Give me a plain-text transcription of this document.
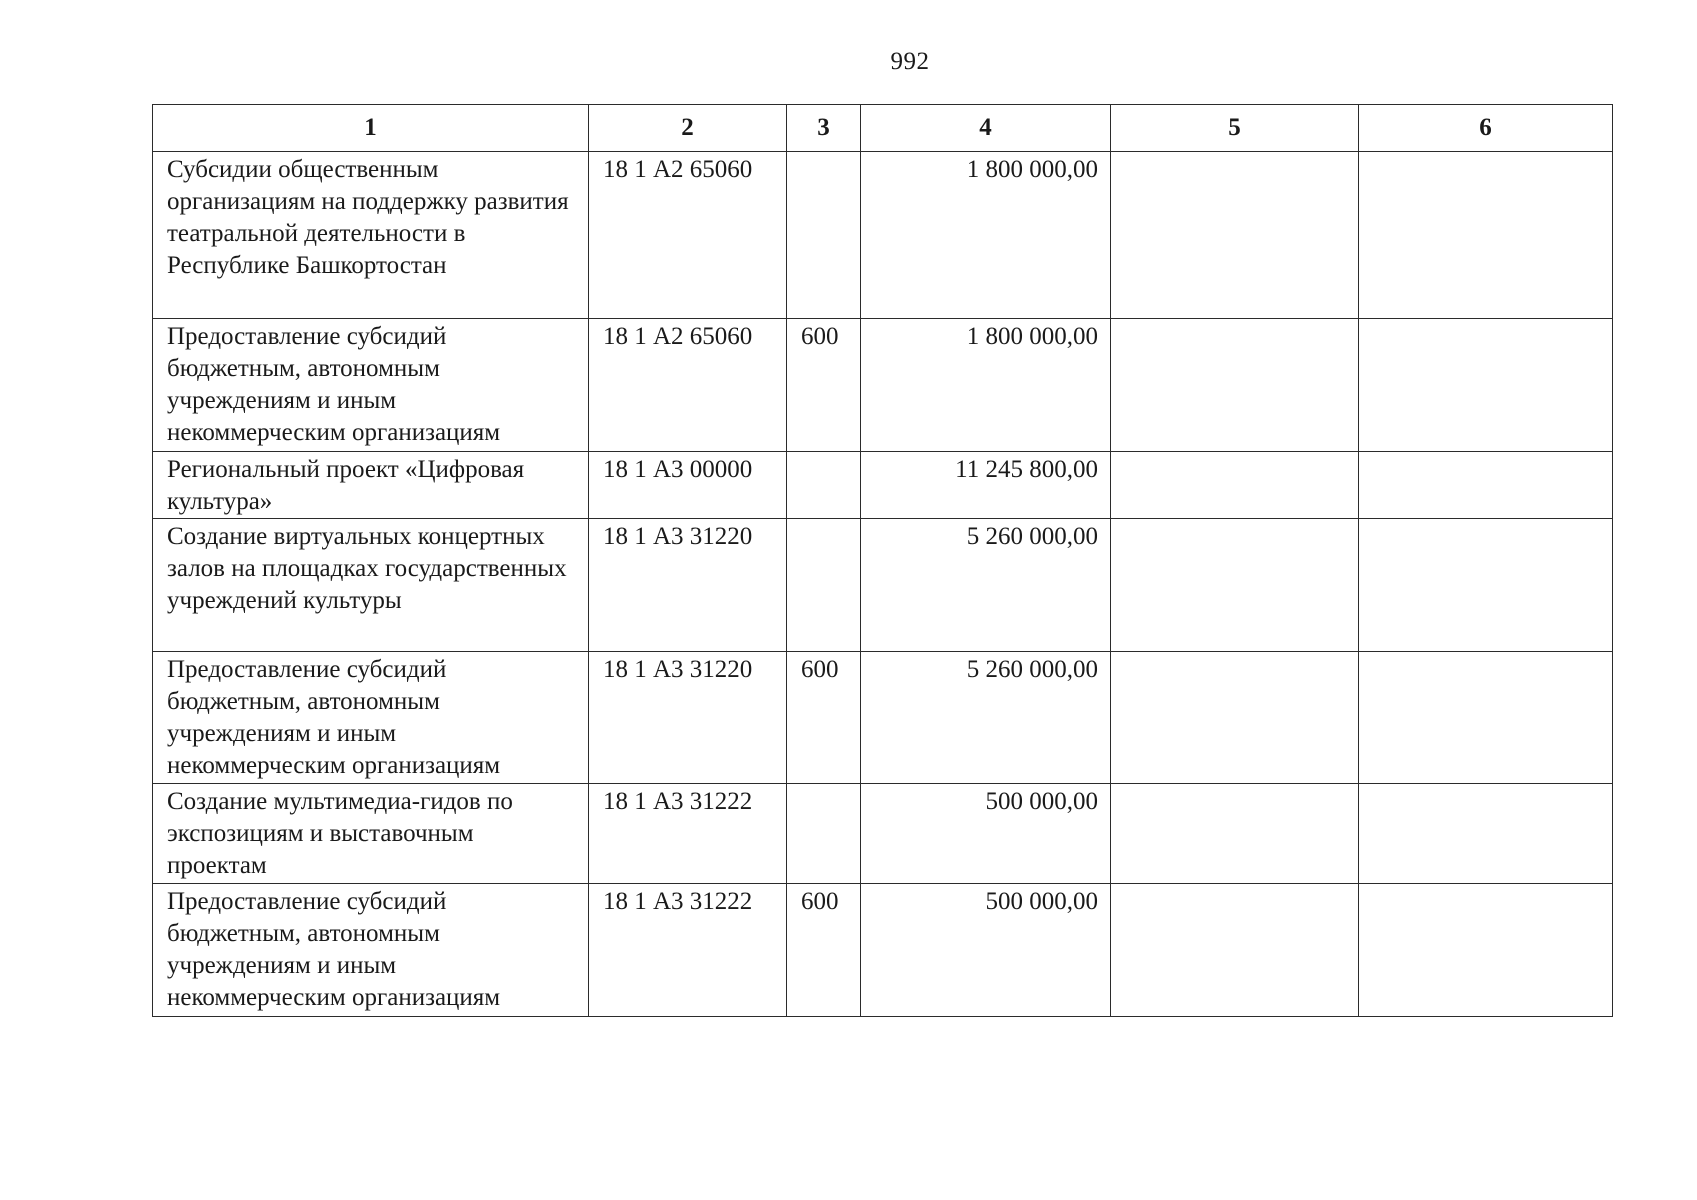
992
1	2	3	4	5	6

Субсидии общественным организациям на поддержку развития театральной деятельности в Республике Башкортостан	18 1 А2 65060		1 800 000,00		

Предоставление субсидий бюджетным, автономным учреждениям и иным некоммерческим организациям	18 1 А2 65060	600	1 800 000,00		

Региональный проект «Цифровая культура»	18 1 А3 00000		11 245 800,00		

Создание виртуальных концертных залов на площадках государственных учреждений культуры	18 1 А3 31220		5 260 000,00		

Предоставление субсидий бюджетным, автономным учреждениям и иным некоммерческим организациям	18 1 А3 31220	600	5 260 000,00		

Создание мультимедиа-гидов по экспозициям и выставочным проектам	18 1 А3 31222		500 000,00		

Предоставление субсидий бюджетным, автономным учреждениям и иным некоммерческим организациям	18 1 А3 31222	600	500 000,00		
